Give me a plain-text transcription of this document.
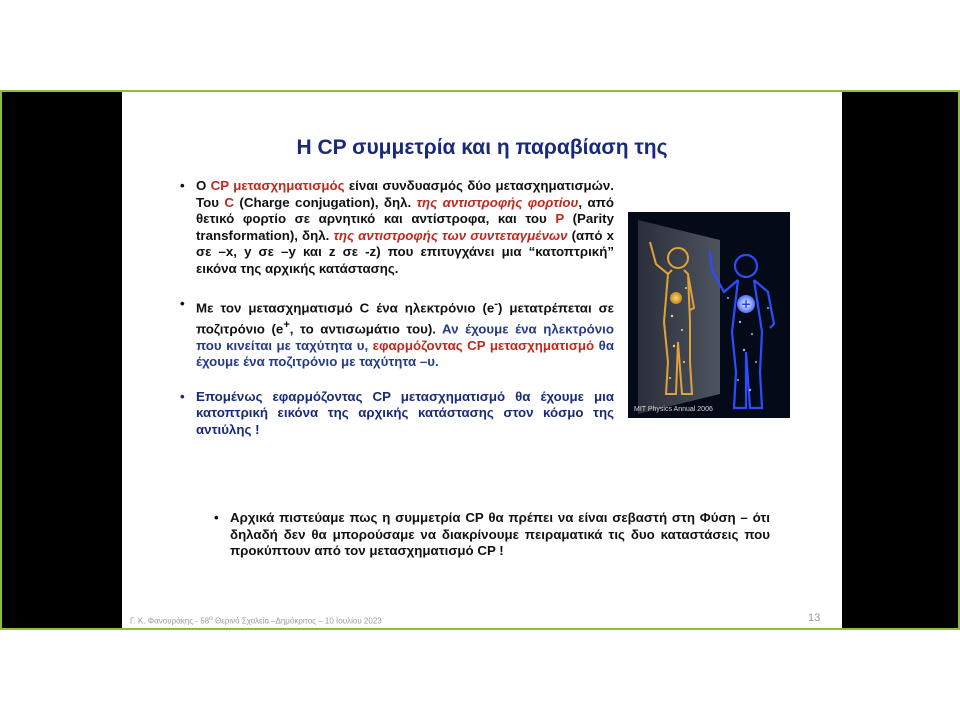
Η CP συμμετρία και η παραβίαση της
• Ο CP μετασχηματισμός είναι συνδυασμός δύο μετασχηματισμών. Του C (Charge conjugation), δηλ. της αντιστροφής φορτίου, από θετικό φορτίο σε αρνητικό και αντίστροφα, και του P (Parity transformation), δηλ. της αντιστροφής των συντεταγμένων (από x σε –x, y σε –y και z σε -z) που επιτυγχάνει μια “κατοπτρική” εικόνα της αρχικής κατάστασης.
• Με τον μετασχηματισμό C ένα ηλεκτρόνιο (e-) μετατρέπεται σε ποζιτρόνιο (e+, το αντισωμάτιο του). Αν έχουμε ένα ηλεκτρόνιο που κινείται με ταχύτητα υ, εφαρμόζοντας CP μετασχηματισμό θα έχουμε ένα ποζιτρόνιο με ταχύτητα –υ.
• Επομένως εφαρμόζοντας CP μετασχηματισμό θα έχουμε μια κατοπτρική εικόνα της αρχικής κατάστασης στον κόσμο της αντιύλης !
+
MIT Physics Annual 2006
• Αρχικά πιστεύαμε πως η συμμετρία CP θα πρέπει να είναι σεβαστή στη Φύση – ότι δηλαδή δεν θα μπορούσαμε να διακρίνουμε πειραματικά τις δυο καταστάσεις που προκύπτουν από τον μετασχηματισμό CP !
Γ. Κ. Φανουράκης - $58^o$ Θερινό Σχολείο –Δημόκριτος – 10 Ιουλίου 2023	13
